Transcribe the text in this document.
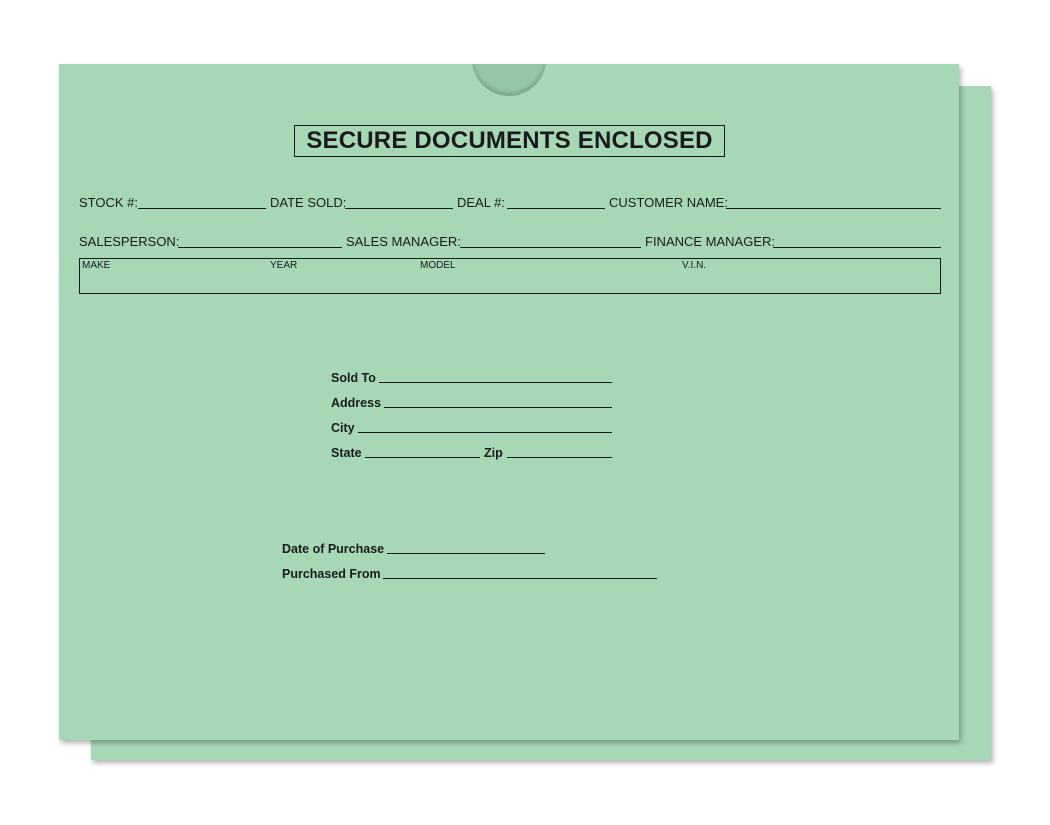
SECURE DOCUMENTS ENCLOSED
STOCK #:	DATE SOLD:	DEAL #:	CUSTOMER NAME:
SALESPERSON:	SALES MANAGER:	FINANCE MANAGER:
MAKE	YEAR	MODEL	V.I.N.
Sold To
Address
City
State	Zip
Date of Purchase
Purchased From
